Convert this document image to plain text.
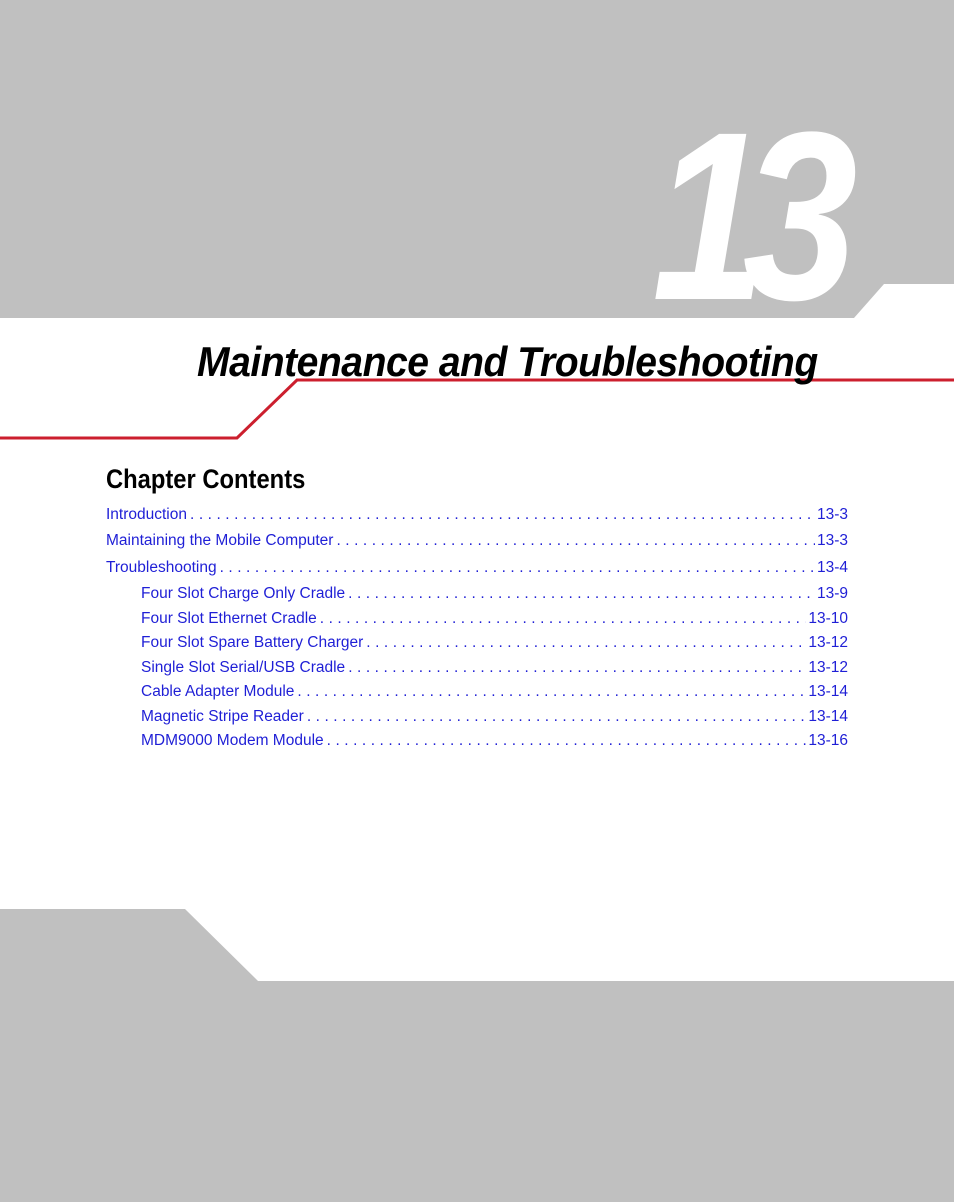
13
Maintenance and Troubleshooting
Chapter Contents
Introduction . . .	13-3
Maintaining the Mobile Computer . . .	13-3
Troubleshooting . . .	13-4
Four Slot Charge Only Cradle . . .	13-9
Four Slot Ethernet Cradle . . .	13-10
Four Slot Spare Battery Charger . . .	13-12
Single Slot Serial/USB Cradle . . .	13-12
Cable Adapter Module . . .	13-14
Magnetic Stripe Reader . . .	13-14
MDM9000 Modem Module . . .	13-16
